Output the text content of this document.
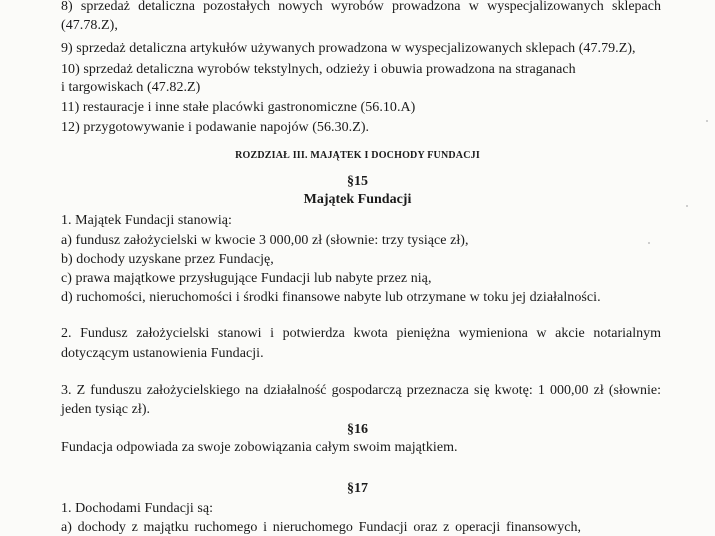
8) sprzedaż detaliczna pozostałych nowych wyrobów prowadzona w wyspecjalizowanych sklepach
(47.78.Z),
9) sprzedaż detaliczna artykułów używanych prowadzona w wyspecjalizowanych sklepach (47.79.Z),
10) sprzedaż detaliczna wyrobów tekstylnych, odzieży i obuwia prowadzona na straganach
i targowiskach (47.82.Z)
11) restauracje i inne stałe placówki gastronomiczne (56.10.A)
12) przygotowywanie i podawanie napojów (56.30.Z).
ROZDZIAŁ III. MAJĄTEK I DOCHODY FUNDACJI
§15
Majątek Fundacji
1. Majątek Fundacji stanowią:
a) fundusz założycielski w kwocie 3 000,00 zł (słownie: trzy tysiące zł),
b) dochody uzyskane przez Fundację,
c) prawa majątkowe przysługujące Fundacji lub nabyte przez nią,
d) ruchomości, nieruchomości i środki finansowe nabyte lub otrzymane w toku jej działalności.
2. Fundusz założycielski stanowi i potwierdza kwota pieniężna wymieniona w akcie notarialnym
dotyczącym ustanowienia Fundacji.
3. Z funduszu założycielskiego na działalność gospodarczą przeznacza się kwotę: 1 000,00 zł (słownie:
jeden tysiąc zł).
§16
Fundacja odpowiada za swoje zobowiązania całym swoim majątkiem.
§17
1. Dochodami Fundacji są:
a) dochody z majątku ruchomego i nieruchomego Fundacji oraz z operacji finansowych,
